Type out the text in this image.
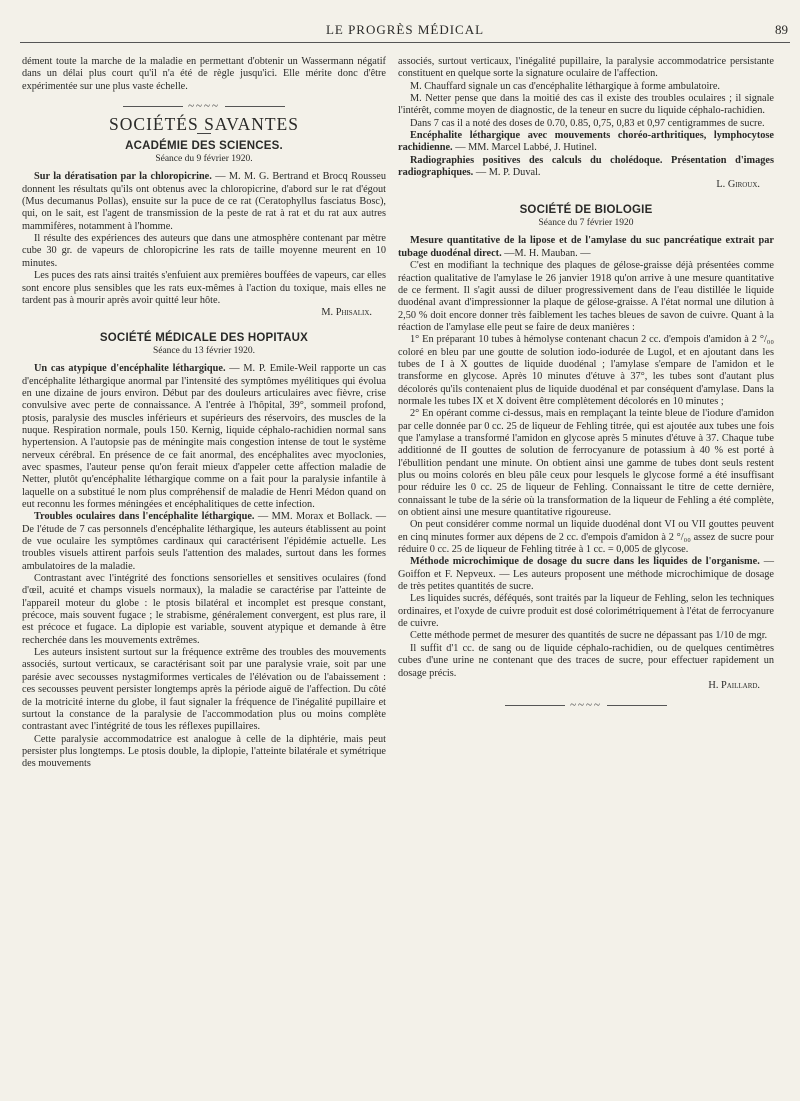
LE PROGRÈS MÉDICAL	89

dément toute la marche de la maladie en permettant d'obtenir un Wassermann négatif dans un délai plus court qu'il n'a été de règle jusqu'ici. Elle mérite donc d'être expérimentée sur une plus vaste échelle.

~~~~
SOCIÉTÉS SAVANTES
ACADÉMIE DES SCIENCES.
Séance du 9 février 1920.

Sur la dératisation par la chloropicrine. — M. M. G. Bertrand et Brocq Rousseu donnent les résultats qu'ils ont obtenus avec la chloropicrine, d'abord sur le rat d'égout (Mus decumanus Pollas), ensuite sur la puce de ce rat (Ceratophyllus fasciatus Bosc), qui, on le sait, est l'agent de transmission de la peste de rat à rat et du rat aux autres mammifères, notamment à l'homme.

Il résulte des expériences des auteurs que dans une atmosphère contenant par mètre cube 30 gr. de vapeurs de chloropicrine les rats de taille moyenne meurent en 10 minutes.

Les puces des rats ainsi traités s'enfuient aux premières bouffées de vapeurs, car elles sont encore plus sensibles que les rats eux-mêmes à l'action du toxique, mais elles ne tardent pas à mourir après avoir quitté leur hôte.

M. Phisalix.
SOCIÉTÉ MÉDICALE DES HOPITAUX
Séance du 13 février 1920.

Un cas atypique d'encéphalite léthargique. — M. P. Emile-Weil rapporte un cas d'encéphalite léthargique anormal par l'intensité des symptômes myélitiques qui évolua en une dizaine de jours environ. Début par des douleurs articulaires avec fièvre, crise convulsive avec perte de connaissance. A l'entrée à l'hôpital, 39°, sommeil profond, ptosis, paralysie des muscles inférieurs et supérieurs des réservoirs, des muscles de la nuque. Respiration normale, pouls 150. Kernig, liquide céphalo-rachidien normal sans hypertension. A l'autopsie pas de méningite mais congestion intense de tout le système nerveux cérébral. En présence de ce fait anormal, des encéphalites avec myoclonies, avec spasmes, l'auteur pense qu'on ferait mieux d'appeler cette affection maladie de Netter, plutôt qu'encéphalite léthargique comme on a fait pour la paralysie infantile à laquelle on a substitué le nom plus compréhensif de maladie de Henri Médon quand on eut reconnu les formes méningées et encéphalitiques de cette infection.

Troubles oculaires dans l'encéphalite léthargique. — MM. Morax et Bollack. — De l'étude de 7 cas personnels d'encéphalite léthargique, les auteurs établissent au point de vue oculaire les symptômes cardinaux qui caractérisent l'épidémie actuelle. Les troubles visuels attirent parfois seuls l'attention des malades, surtout dans les formes ambulatoires de la maladie.

Contrastant avec l'intégrité des fonctions sensorielles et sensitives oculaires (fond d'œil, acuité et champs visuels normaux), la maladie se caractérise par l'atteinte de l'appareil moteur du globe : le ptosis bilatéral et incomplet est presque constant, précoce, mais souvent fugace ; le strabisme, généralement convergent, est plus rare, il est précoce et fugace. La diplopie est variable, souvent atypique et demande à être recherchée dans les mouvements extrêmes.

Les auteurs insistent surtout sur la fréquence extrême des troubles des mouvements associés, surtout verticaux, se caractérisant soit par une paralysie vraie, soit par une parésie avec secousses nystagmiformes verticales de l'élévation ou de l'abaissement : ces secousses peuvent persister longtemps après la période aiguë de l'affection. Du côté de la motricité interne du globe, il faut signaler la fréquence de l'inégalité pupillaire et surtout la constance de la paralysie de l'accommodation plus ou moins complète contrastant avec l'intégrité de tous les réflexes pupillaires.

Cette paralysie accommodatrice est analogue à celle de la diphtérie, mais peut persister plus longtemps. Le ptosis double, la diplopie, l'atteinte bilatérale et symétrique des mouvements

associés, surtout verticaux, l'inégalité pupillaire, la paralysie accommodatrice persistante constituent en quelque sorte la signature oculaire de l'affection.

M. Chauffard signale un cas d'encéphalite léthargique à forme ambulatoire.

M. Netter pense que dans la moitié des cas il existe des troubles oculaires ; il signale l'intérêt, comme moyen de diagnostic, de la teneur en sucre du liquide céphalo-rachidien.

Dans 7 cas il a noté des doses de 0.70, 0.85, 0,75, 0,83 et 0,97 centigrammes de sucre.

Encéphalite léthargique avec mouvements choréo-arthritiques, lymphocytose rachidienne. — MM. Marcel Labbé, J. Hutinel.

Radiographies positives des calculs du cholédoque. Présentation d'images radiographiques. — M. P. Duval.

L. Giroux.
SOCIÉTÉ DE BIOLOGIE
Séance du 7 février 1920

Mesure quantitative de la lipose et de l'amylase du suc pancréatique extrait par tubage duodénal direct. —M. H. Mauban. —

C'est en modifiant la technique des plaques de gélose-graisse déjà présentées comme réaction qualitative de l'amylase le 26 janvier 1918 qu'on arrive à une mesure quantitative de ce ferment. Il s'agit aussi de diluer progressivement dans de l'eau distillée le liquide duodénal avant d'impressionner la plaque de gélose-graisse. A l'état normal une dilution à 2,50 % doit encore donner très faiblement les taches bleues de savon de cuivre. Quant à la réaction de l'amylase elle peut se faire de deux manières :

1° En préparant 10 tubes à hémolyse contenant chacun 2 cc. d'empois d'amidon à 2 °/₀₀ coloré en bleu par une goutte de solution iodo-iodurée de Lugol, et en ajoutant dans les tubes de I à X gouttes de liquide duodénal ; l'amylase s'empare de l'amidon et le transforme en glycose. Après 10 minutes d'étuve à 37°, les tubes sont d'autant plus décolorés qu'ils contenaient plus de liquide duodénal et par conséquent d'amylase. Dans la normale les tubes IX et X doivent être complètement décolorés en 10 minutes ;

2° En opérant comme ci-dessus, mais en remplaçant la teinte bleue de l'iodure d'amidon par celle donnée par 0 cc. 25 de liqueur de Fehling titrée, qui est ajoutée aux tubes une fois que l'amylase a transformé l'amidon en glycose après 5 minutes d'étuve à 37. Chaque tube additionné de II gouttes de solution de ferrocyanure de potassium à 40 % est porté à l'ébullition pendant une minute. On obtient ainsi une gamme de tubes dont seuls restent plus ou moins colorés en bleu pâle ceux pour lesquels le glycose formé a été insuffisant pour réduire les 0 cc. 25 de liqueur de Fehling. Connaissant le titre de cette dernière, connaissant le tube de la série où la transformation de la liqueur de Fehling a été complète, on obtient ainsi une mesure quantitative rigoureuse.

On peut considérer comme normal un liquide duodénal dont VI ou VII gouttes peuvent en cinq minutes former aux dépens de 2 cc. d'empois d'amidon à 2 °/₀₀ assez de sucre pour réduire 0 cc. 25 de liqueur de Fehling titrée à 1 cc. = 0,005 de glycose.

Méthode microchimique de dosage du sucre dans les liquides de l'organisme. — Goiffon et F. Nepveux. — Les auteurs proposent une méthode microchimique de dosage de très petites quantités de sucre.

Les liquides sucrés, déféqués, sont traités par la liqueur de Fehling, selon les techniques ordinaires, et l'oxyde de cuivre produit est dosé colorimétriquement à l'état de ferrocyanure de cuivre.

Cette méthode permet de mesurer des quantités de sucre ne dépassant pas 1/10 de mgr.

Il suffit d'1 cc. de sang ou de liquide céphalo-rachidien, ou de quelques centimètres cubes d'une urine ne contenant que des traces de sucre, pour effectuer rapidement un dosage précis.

H. Paillard.
~~~~
